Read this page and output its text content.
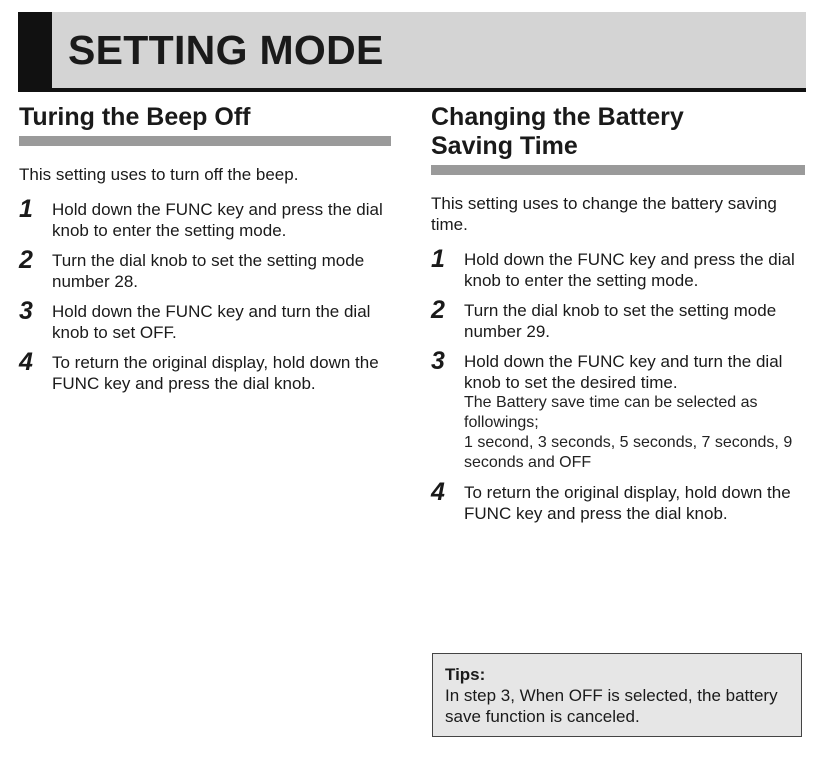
SETTING MODE
Turing the Beep Off

This setting uses to turn off the beep.

1 Hold down the FUNC key and press the dial knob to enter the setting mode.
2 Turn the dial knob to set the setting mode number 28.
3 Hold down the FUNC key and turn the dial knob to set OFF.
4 To return the original display, hold down the FUNC key and press the dial knob.
Changing the Battery
Saving Time

This setting uses to change the battery saving time.

1 Hold down the FUNC key and press the dial knob to enter the setting mode.
2 Turn the dial knob to set the setting mode number 29.
3 Hold down the FUNC key and turn the dial knob to set the desired time.
The Battery save time can be selected as followings;
1 second, 3 seconds, 5 seconds, 7 seconds, 9 seconds and OFF
4 To return the original display, hold down the FUNC key and press the dial knob.
Tips:
In step 3, When OFF is selected, the battery save function is canceled.
